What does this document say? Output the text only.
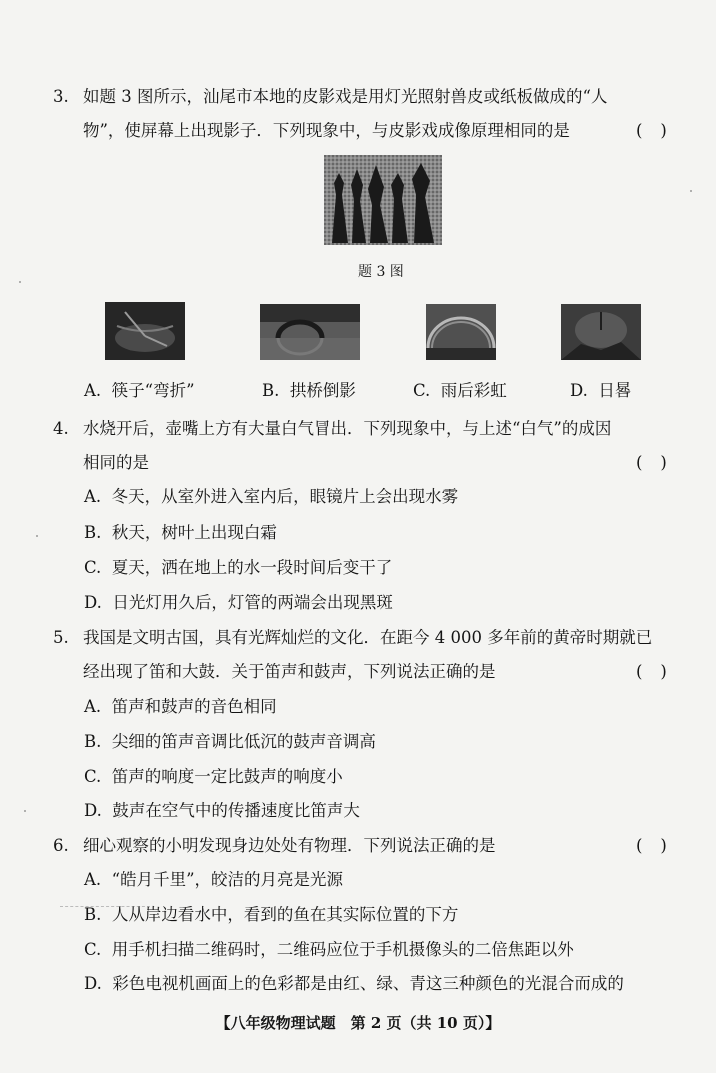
3. 如题 3 图所示，汕尾市本地的皮影戏是用灯光照射兽皮或纸板做成的“人
物”，使屏幕上出现影子．下列现象中，与皮影戏成像原理相同的是	()
题 3 图
A. 筷子“弯折”	B. 拱桥倒影	C. 雨后彩虹	D. 日晷
4. 水烧开后，壶嘴上方有大量白气冒出．下列现象中，与上述“白气”的成因
相同的是	()
A. 冬天，从室外进入室内后，眼镜片上会出现水雾
B. 秋天，树叶上出现白霜
C. 夏天，洒在地上的水一段时间后变干了
D. 日光灯用久后，灯管的两端会出现黑斑
5. 我国是文明古国，具有光辉灿烂的文化．在距今 4 000 多年前的黄帝时期就已
经出现了笛和大鼓．关于笛声和鼓声，下列说法正确的是	()
A. 笛声和鼓声的音色相同
B. 尖细的笛声音调比低沉的鼓声音调高
C. 笛声的响度一定比鼓声的响度小
D. 鼓声在空气中的传播速度比笛声大
6. 细心观察的小明发现身边处处有物理．下列说法正确的是	()
A. “皓月千里”，皎洁的月亮是光源
B. 人从岸边看水中，看到的鱼在其实际位置的下方
C. 用手机扫描二维码时，二维码应位于手机摄像头的二倍焦距以外
D. 彩色电视机画面上的色彩都是由红、绿、青这三种颜色的光混合而成的
【八年级物理试题　第 2 页（共 10 页）】
